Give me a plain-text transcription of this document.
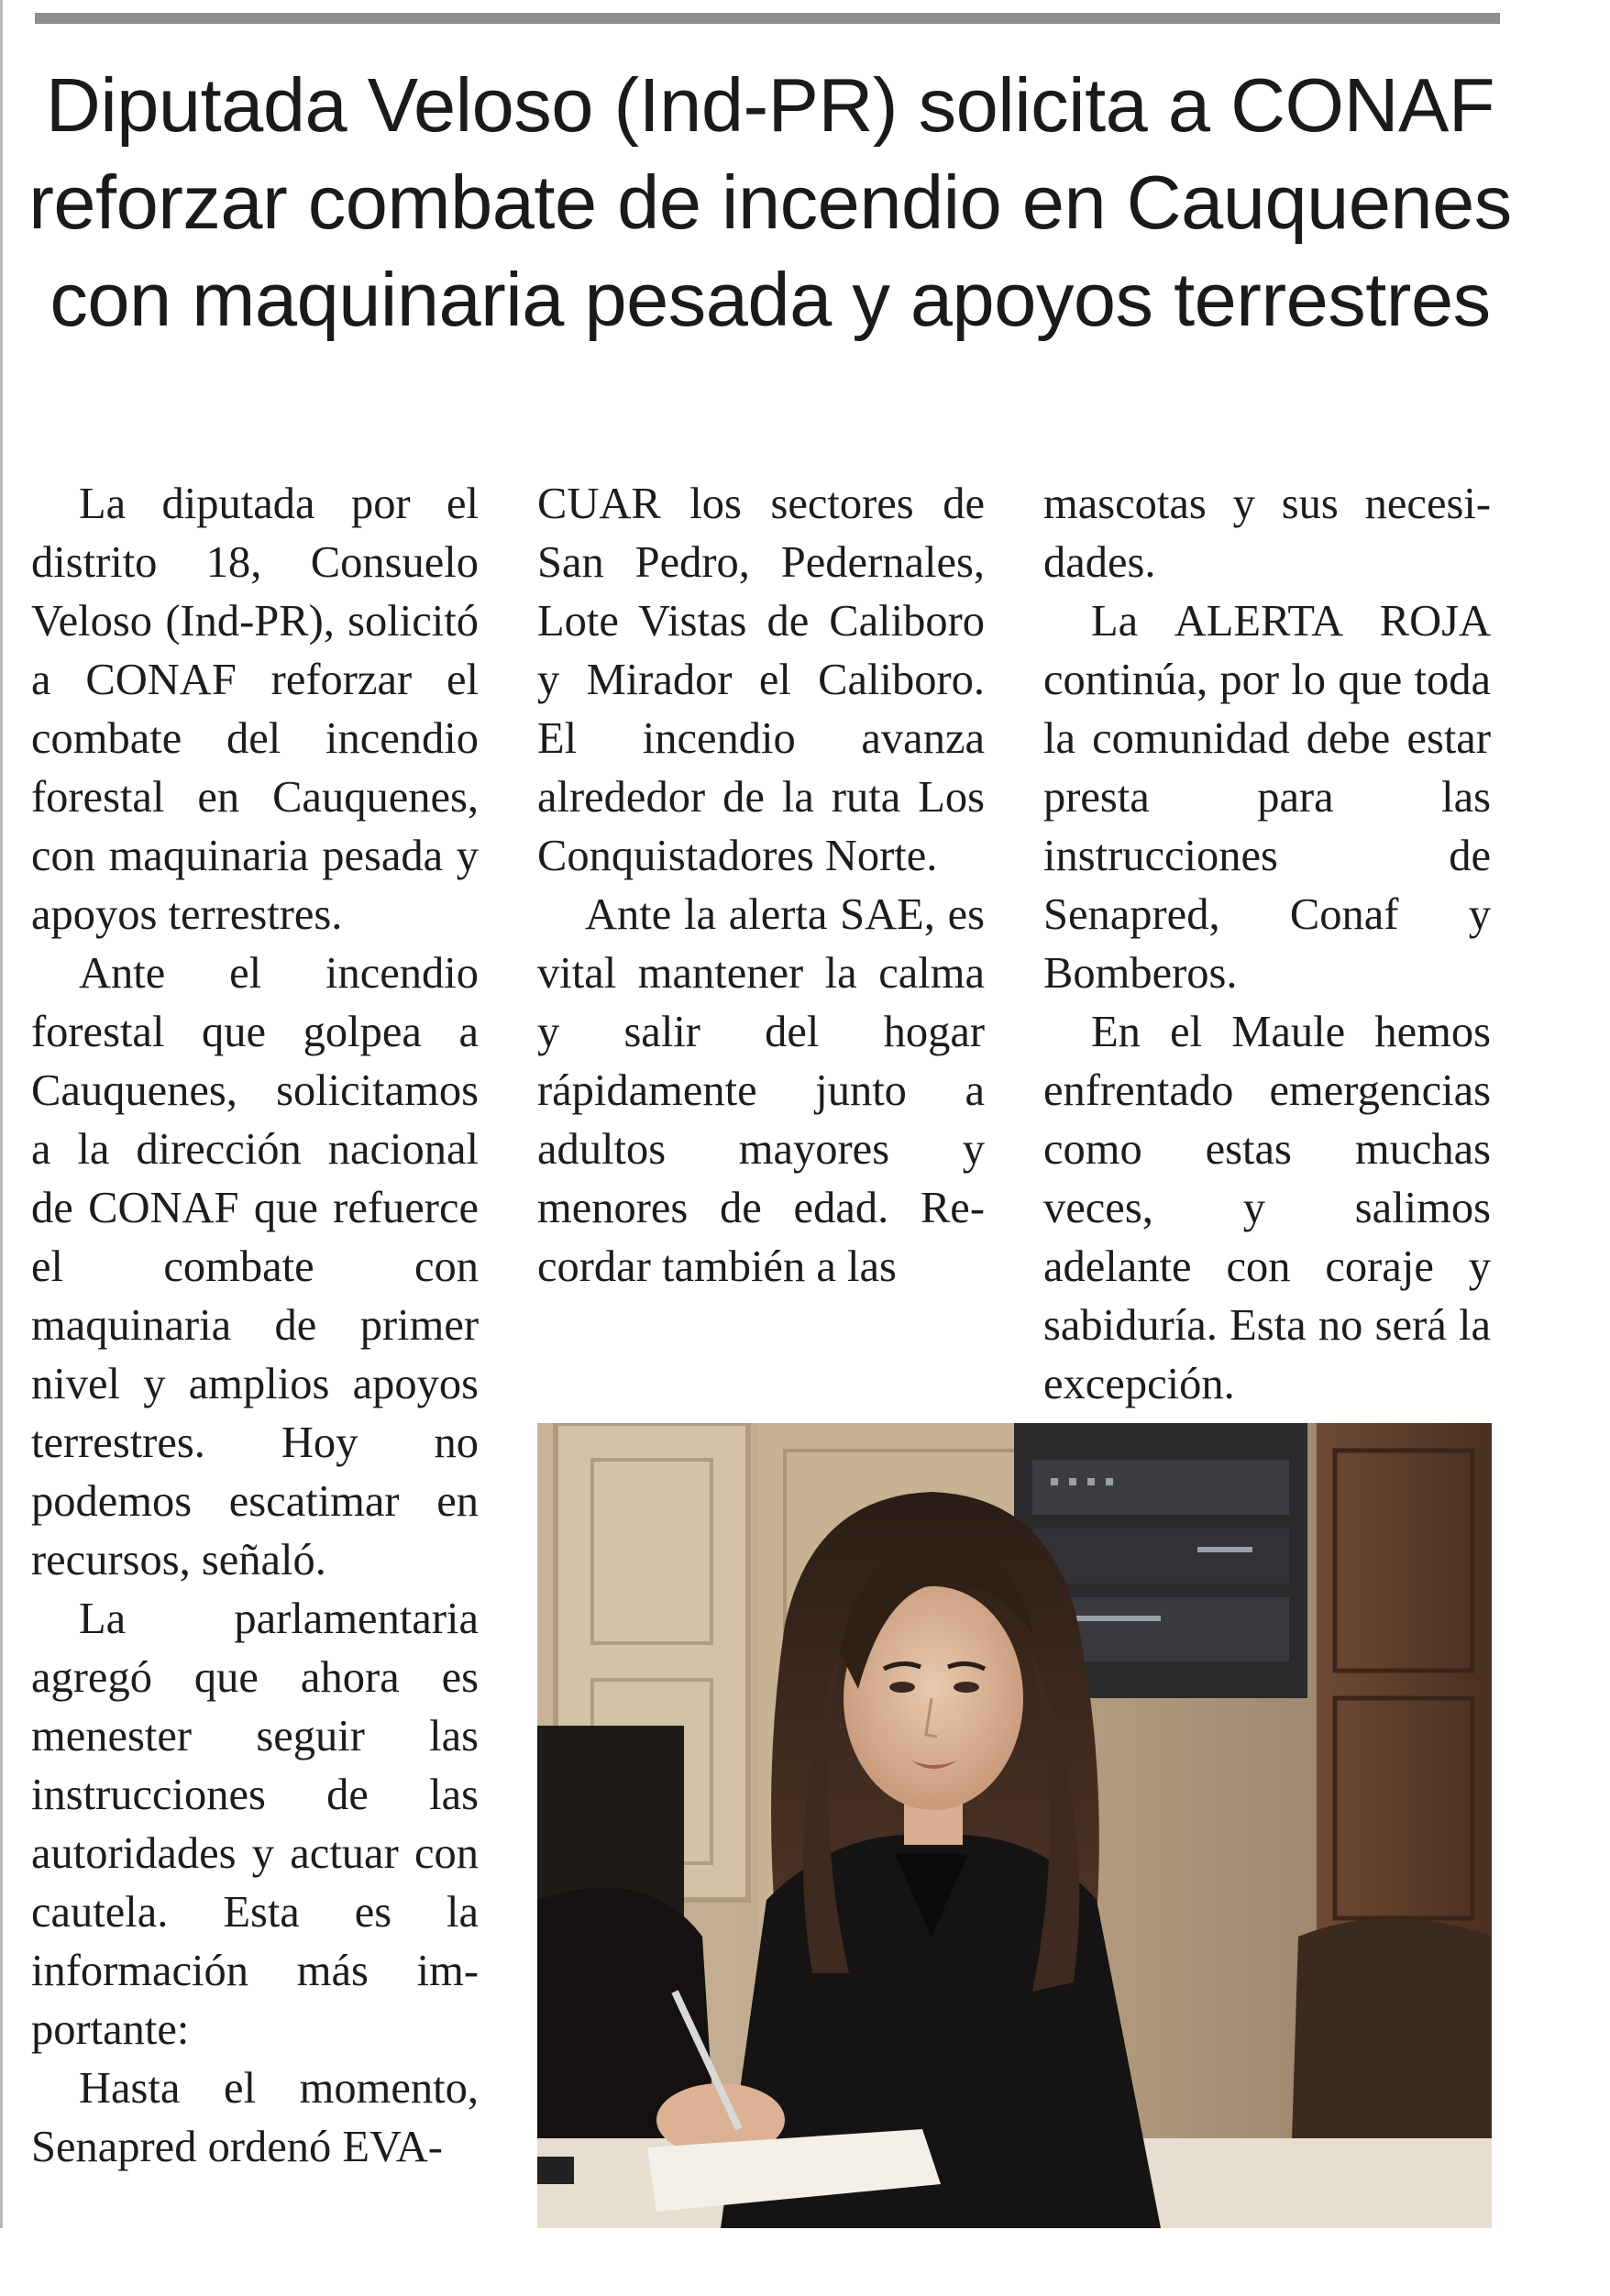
Diputada Veloso (Ind-PR) solicita a CONAF reforzar combate de incendio en Cauquenes con maquinaria pesada y apoyos terrestres

La diputada por el distrito 18, Consuelo Veloso (Ind-PR), solicitó a CONAF reforzar el combate del incendio forestal en Cauquenes, con maquinaria pesada y apoyos terrestres.

Ante el incendio forestal que golpea a Cauquenes, solicitamos a la dirección nacional de CONAF que refuerce el combate con maquinaria de primer nivel y amplios apoyos terrestres. Hoy no podemos escatimar en recursos, señaló.

La parlamentaria agregó que ahora es menester seguir las instrucciones de las autoridades y actuar con cautela. Esta es la información más importante:

Hasta el momento, Senapred ordenó EVA-

CUAR los sectores de San Pedro, Pedernales, Lote Vistas de Caliboro y Mirador el Caliboro. El incendio avanza alrededor de la ruta Los Conquistadores Norte.

Ante la alerta SAE, es vital mantener la calma y salir del hogar rápidamente junto a adultos mayores y menores de edad. Recordar también a las

mascotas y sus necesidades.

La ALERTA ROJA continúa, por lo que toda la comunidad debe estar presta para las instrucciones de Senapred, Conaf y Bomberos.

En el Maule hemos enfrentado emergencias como estas muchas veces, y salimos adelante con coraje y sabiduría. Esta no será la excepción.
